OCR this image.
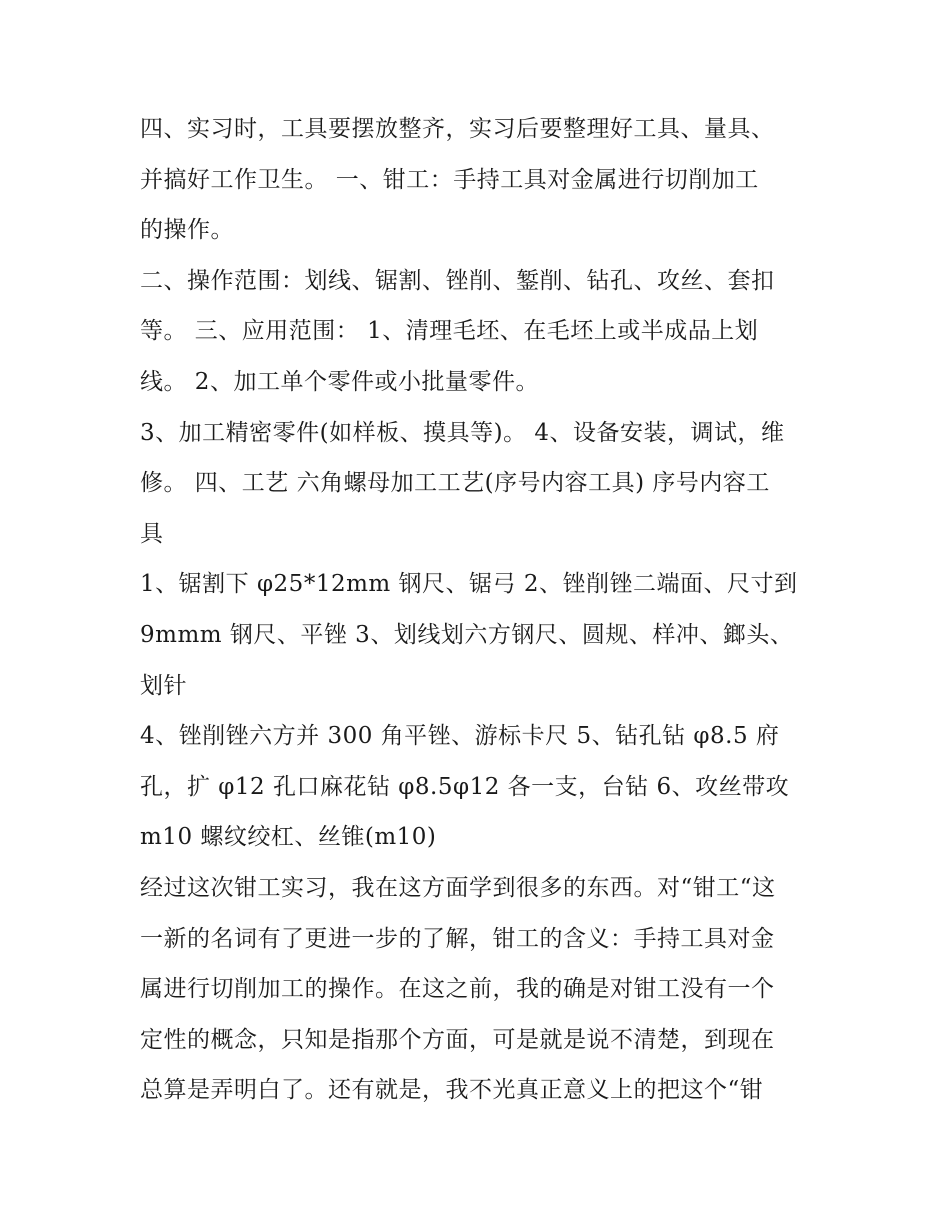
四、实习时，工具要摆放整齐，实习后要整理好工具、量具、
并搞好工作卫生。 一、钳工：手持工具对金属进行切削加工
的操作。
二、操作范围：划线、锯割、锉削、錾削、钻孔、攻丝、套扣
等。 三、应用范围： 1、清理毛坯、在毛坯上或半成品上划
线。 2、加工单个零件或小批量零件。
3、加工精密零件(如样板、摸具等)。 4、设备安装，调试，维
修。 四、工艺 六角螺母加工工艺(序号内容工具) 序号内容工
具
1、锯割下 φ25*12mm 钢尺、锯弓 2、锉削锉二端面、尺寸到
9mmm 钢尺、平锉 3、划线划六方钢尺、圆规、样冲、鎯头、
划针
4、锉削锉六方并 300 角平锉、游标卡尺 5、钻孔钻 φ8.5 府
孔，扩 φ12 孔口麻花钻 φ8.5φ12 各一支，台钻 6、攻丝带攻
m10 螺纹绞杠、丝锥(m10)
经过这次钳工实习，我在这方面学到很多的东西。对“钳工“这
一新的名词有了更进一步的了解，钳工的含义：手持工具对金
属进行切削加工的操作。在这之前，我的确是对钳工没有一个
定性的概念，只知是指那个方面，可是就是说不清楚，到现在
总算是弄明白了。还有就是，我不光真正意义上的把这个“钳
